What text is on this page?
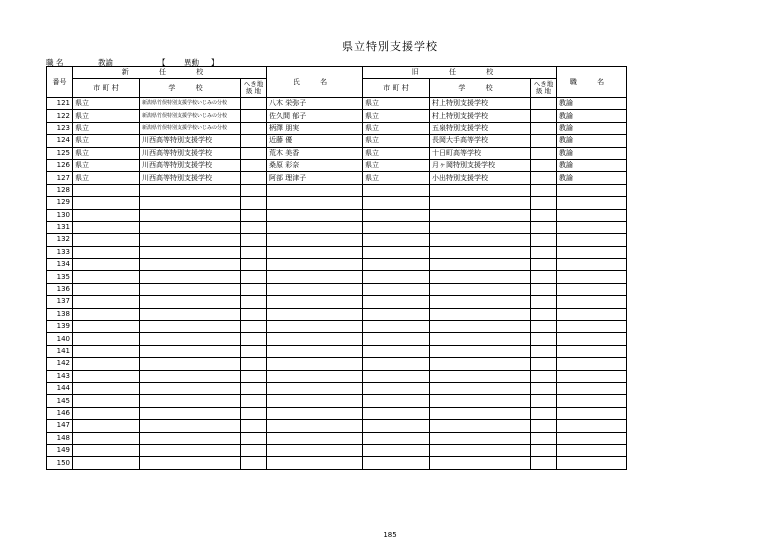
県立特別支援学校
職 名	教諭	【 異動 】
番号	新 任 校			氏 名	旧 任 校			職 名
	市 町 村	学 校	へき地級 地		市 町 村	学 校	へき地級 地	
121	県立	新潟県竹俣特別支援学校いじみの分校		八木 栄弥子	県立	村上特別支援学校		教諭
122	県立	新潟県竹俣特別支援学校いじみの分校		佐久間 郁子	県立	村上特別支援学校		教諭
123	県立	新潟県竹俣特別支援学校いじみの分校		柄澤 朋実	県立	五泉特別支援学校		教諭
124	県立	川西高等特別支援学校		近藤 優	県立	長岡大手高等学校		教諭
125	県立	川西高等特別支援学校		荒木 美香	県立	十日町高等学校		教諭
126	県立	川西高等特別支援学校		桑原 彩奈	県立	月ヶ岡特別支援学校		教諭
127	県立	川西高等特別支援学校		阿部 理津子	県立	小出特別支援学校		教諭
128								
129								
130								
131								
132								
133								
134								
135								
136								
137								
138								
139								
140								
141								
142								
143								
144								
145								
146								
147								
148								
149								
150								
185
